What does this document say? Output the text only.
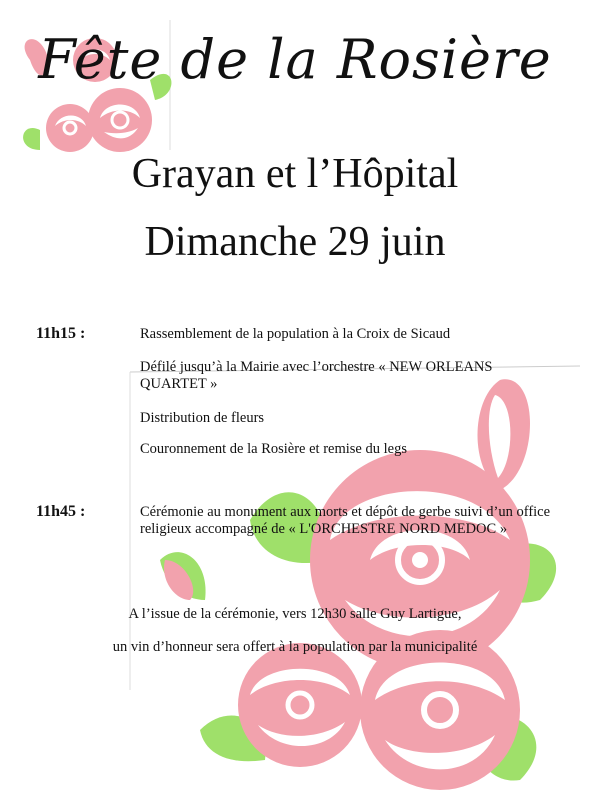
Fête de la Rosière
Grayan et l’Hôpital
Dimanche 29 juin
11h15 :	Rassemblement de la population à la Croix de Sicaud
Défilé jusqu’à la Mairie avec l’orchestre « NEW ORLEANS QUARTET »
Distribution de fleurs
Couronnement de la Rosière et remise du legs
11h45 :	Cérémonie au monument aux morts et dépôt de gerbe suivi d’un office religieux accompagné de « L'ORCHESTRE NORD MEDOC »
A l’issue de la cérémonie, vers 12h30 salle Guy Lartigue,
un vin d’honneur sera offert à la population par la municipalité
